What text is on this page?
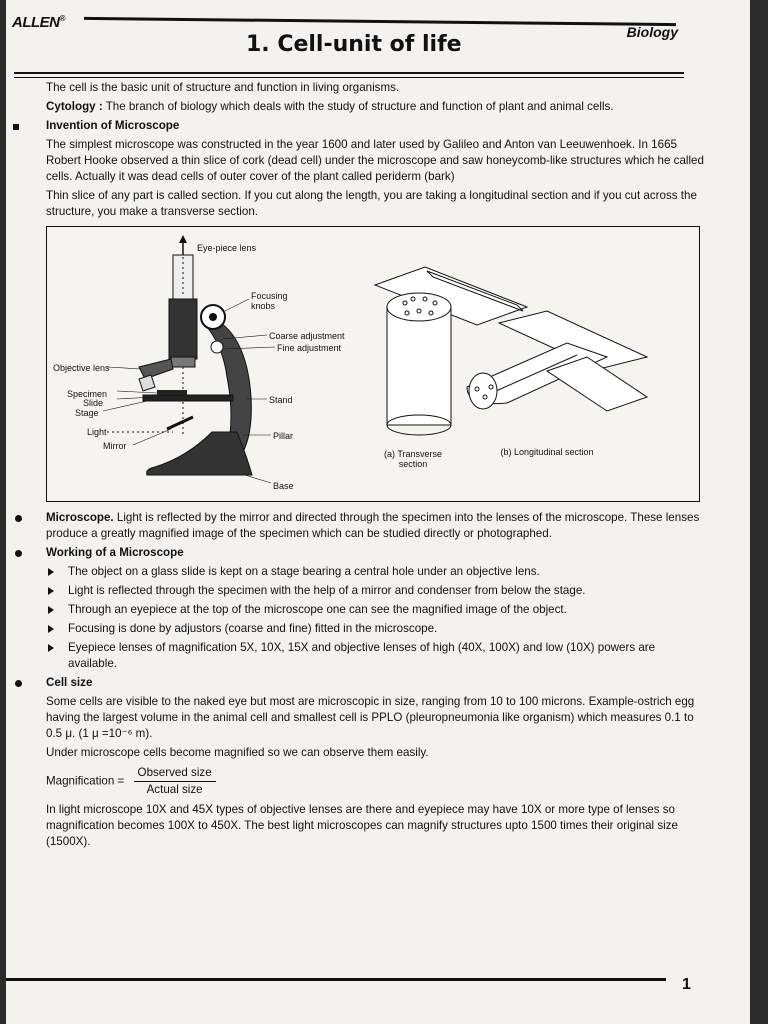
ALLEN®
Biology
1. Cell-unit of life

The cell is the basic unit of structure and function in living organisms.

Cytology : The branch of biology which deals with the study of structure and function of plant and animal cells.

Invention of Microscope

The simplest microscope was constructed in the year 1600 and later used by Galileo and Anton van Leeuwenhoek. In 1665 Robert Hooke observed a thin slice of cork (dead cell) under the microscope and saw honeycomb-like structures which he called cells. Actually it was dead cells of outer cover of the plant called periderm (bark)

Thin slice of any part is called section. If you cut along the length, you are taking a longitudinal section and if you cut across the structure, you make a transverse section.

Eye-piece lens
Focusing knobs
Coarse adjustment
Fine adjustment
Objective lens
Specimen
Slide
Stage
Light
Mirror
Stand
Pillar
Base
(a) Transverse section
(b) Longitudinal section

Microscope. Light is reflected by the mirror and directed through the specimen into the lenses of the microscope. These lenses produce a greatly magnified image of the specimen which can be studied directly or photographed.

Working of a Microscope

The object on a glass slide is kept on a stage bearing a central hole under an objective lens.

Light is reflected through the specimen with the help of a mirror and condenser from below the stage.

Through an eyepiece at the top of the microscope one can see the magnified image of the object.

Focusing is done by adjustors (coarse and fine) fitted in the microscope.

Eyepiece lenses of magnification 5X, 10X, 15X and objective lenses of high (40X, 100X) and low (10X) powers are available.

Cell size

Some cells are visible to the naked eye but most are microscopic in size, ranging from 10 to 100 microns. Example-ostrich egg having the largest volume in the animal cell and smallest cell is PPLO (pleuropneumonia like organism) which measures 0.1 to 0.5 μ. (1 μ =10⁻⁶ m).

Under microscope cells become magnified so we can observe them easily.

Magnification = $\frac{\text{Observed size}}{\text{Actual size}}$

In light microscope 10X and 45X types of objective lenses are there and eyepiece may have 10X or more type of lenses so magnification becomes 100X to 450X. The best light microscopes can magnify structures upto 1500 times their original size (1500X).

1
